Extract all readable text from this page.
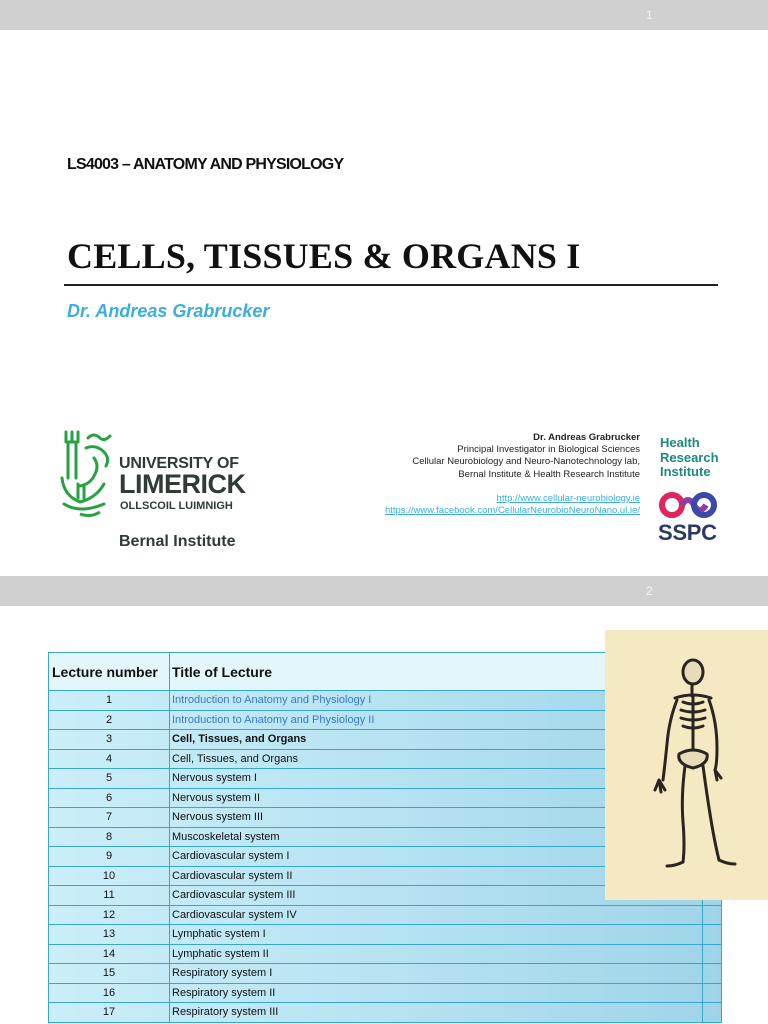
1
LS4003 – ANATOMY AND PHYSIOLOGY
CELLS, TISSUES & ORGANS I
Dr. Andreas Grabrucker
UNIVERSITY OF
LIMERICK
OLLSCOIL LUIMNIGH
Bernal Institute
Dr. Andreas Grabrucker
Principal Investigator in Biological Sciences
Cellular Neurobiology and Neuro-Nanotechnology lab,
Bernal Institute & Health Research Institute
http://www.cellular-neurobiology.ie
https://www.facebook.com/CellularNeurobioNeuroNano.ul.ie/
Health
Research
Institute
SSPC
2
Lecture number	Title of Lecture	
1	Introduction to Anatomy and Physiology I	
2	Introduction to Anatomy and Physiology II	
3	Cell, Tissues, and Organs	
4	Cell, Tissues, and Organs	
5	Nervous system I	
6	Nervous system II	
7	Nervous system III	
8	Muscoskeletal system	
9	Cardiovascular system I	
10	Cardiovascular system II	
11	Cardiovascular system III	
12	Cardiovascular system IV	
13	Lymphatic system I	
14	Lymphatic system II	
15	Respiratory system I	
16	Respiratory system II	
17	Respiratory system III	
